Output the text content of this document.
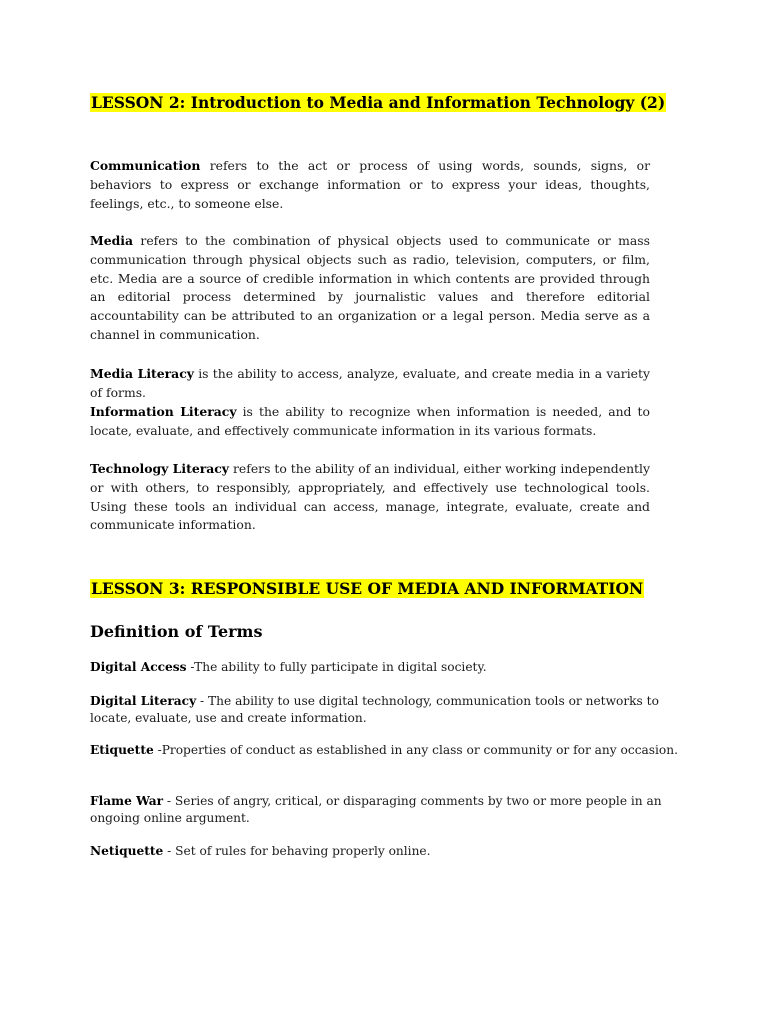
LESSON 2: Introduction to Media and Information Technology (2)

Communication refers to the act or process of using words, sounds, signs, or behaviors to express or exchange information or to express your ideas, thoughts, feelings, etc., to someone else.

Media refers to the combination of physical objects used to communicate or mass communication through physical objects such as radio, television, computers, or film, etc. Media are a source of credible information in which contents are provided through an editorial process determined by journalistic values and therefore editorial accountability can be attributed to an organization or a legal person. Media serve as a channel in communication.

Media Literacy is the ability to access, analyze, evaluate, and create media in a variety of forms.

Information Literacy is the ability to recognize when information is needed, and to locate, evaluate, and effectively communicate information in its various formats.

Technology Literacy refers to the ability of an individual, either working independently or with others, to responsibly, appropriately, and effectively use technological tools. Using these tools an individual can access, manage, integrate, evaluate, create and communicate information.

LESSON 3: RESPONSIBLE USE OF MEDIA AND INFORMATION
Definition of Terms

Digital Access -The ability to fully participate in digital society.

Digital Literacy - The ability to use digital technology, communication tools or networks to locate, evaluate, use and create information.

Etiquette -Properties of conduct as established in any class or community or for any occasion.

Flame War - Series of angry, critical, or disparaging comments by two or more people in an ongoing online argument.

Netiquette - Set of rules for behaving properly online.
